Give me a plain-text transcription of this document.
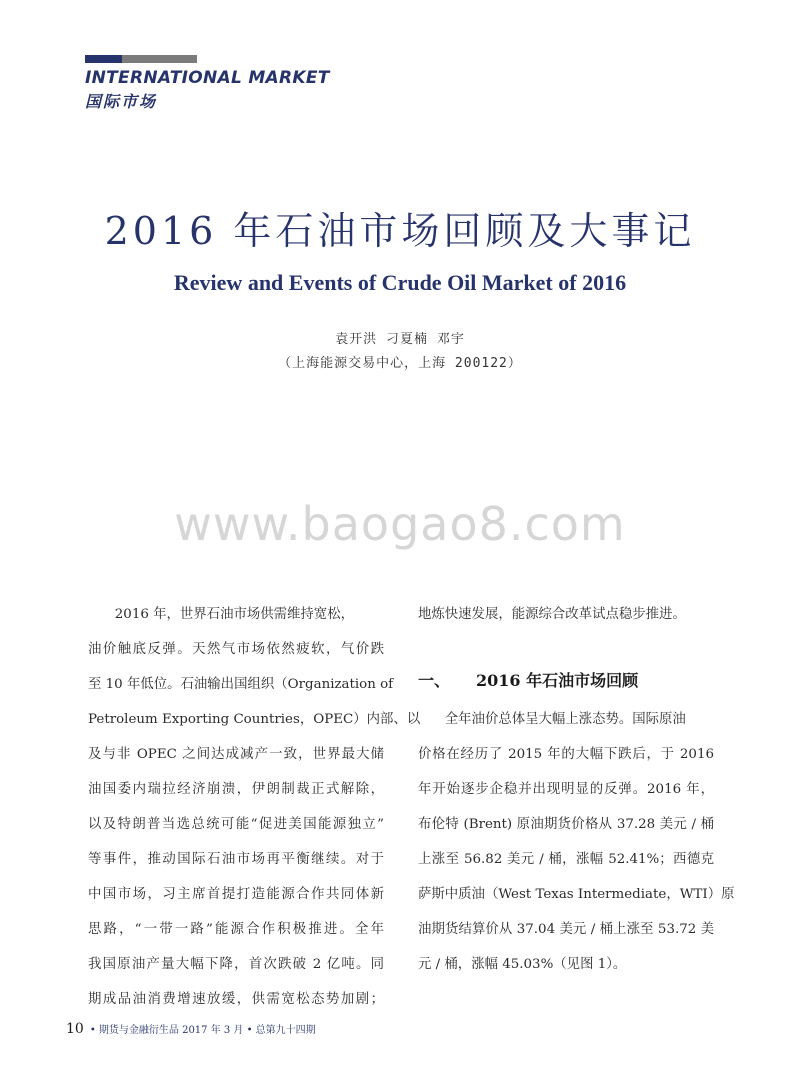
INTERNATIONAL MARKET
国际市场
2016 年石油市场回顾及大事记
Review and Events of Crude Oil Market of 2016
袁开洪 刁夏楠 邓宇
（上海能源交易中心，上海 200122）
www.baogao8.com
　　2016 年，世界石油市场供需维持宽松，
油价触底反弹。天然气市场依然疲软，气价跌
至 10 年低位。石油输出国组织（Organization of
Petroleum Exporting Countries，OPEC）内部、以
及与非 OPEC 之间达成减产一致，世界最大储
油国委内瑞拉经济崩溃，伊朗制裁正式解除，
以及特朗普当选总统可能“促进美国能源独立”
等事件，推动国际石油市场再平衡继续。对于
中国市场，习主席首提打造能源合作共同体新
思路，“一带一路”能源合作积极推进。全年
我国原油产量大幅下降，首次跌破 2 亿吨。同
期成品油消费增速放缓，供需宽松态势加剧；
地炼快速发展，能源综合改革试点稳步推进。
　　全年油价总体呈大幅上涨态势。国际原油
价格在经历了 2015 年的大幅下跌后，于 2016
年开始逐步企稳并出现明显的反弹。2016 年，
布伦特 (Brent) 原油期货价格从 37.28 美元 / 桶
上涨至 56.82 美元 / 桶，涨幅 52.41%；西德克
萨斯中质油（West Texas Intermediate，WTI）原
油期货结算价从 37.04 美元 / 桶上涨至 53.72 美
元 / 桶，涨幅 45.03%（见图 1）。
一、 2016 年石油市场回顾
10 • 期货与金融衍生品 2017 年 3 月 • 总第九十四期
